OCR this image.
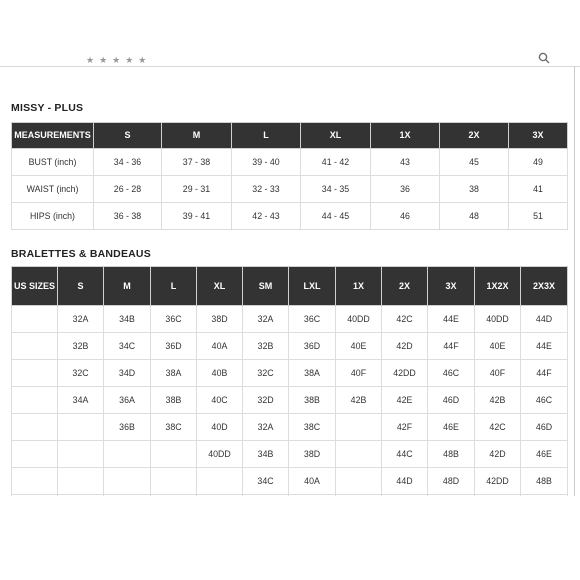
★★★★★
MISSY - PLUS
MEASUREMENTS	S	M	L	XL	1X	2X	3X
BUST (inch)	34 - 36	37 - 38	39 - 40	41 - 42	43	45	49
WAIST (inch)	26 - 28	29 - 31	32 - 33	34 - 35	36	38	41
HIPS (inch)	36 - 38	39 - 41	42 - 43	44 - 45	46	48	51
BRALETTES & BANDEAUS
US SIZES	S	M	L	XL	SM	LXL	1X	2X	3X	1X2X	2X3X
	32A	34B	36C	38D	32A	36C	40DD	42C	44E	40DD	44D
	32B	34C	36D	40A	32B	36D	40E	42D	44F	40E	44E
	32C	34D	38A	40B	32C	38A	40F	42DD	46C	40F	44F
	34A	36A	38B	40C	32D	38B	42B	42E	46D	42B	46C
		36B	38C	40D	32A	38C		42F	46E	42C	46D
				40DD	34B	38D		44C	48B	42D	46E
					34C	40A		44D	48D	42DD	48B
